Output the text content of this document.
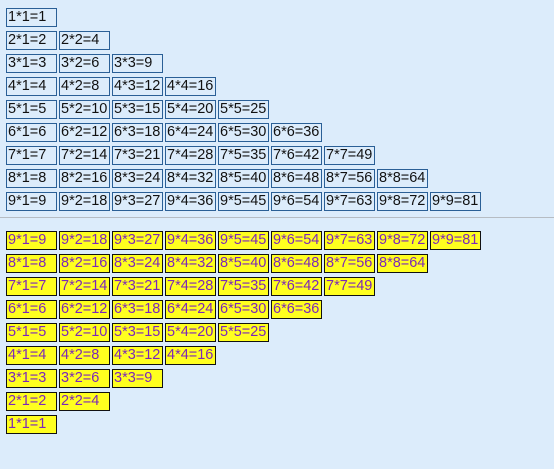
1*1=1
2*1=2	2*2=4
3*1=3	3*2=6	3*3=9
4*1=4	4*2=8	4*3=12 4*4=16
5*1=5	5*2=10 5*3=15 5*4=20 5*5=25
6*1=6	6*2=12 6*3=18 6*4=24 6*5=30 6*6=36
7*1=7	7*2=14 7*3=21 7*4=28 7*5=35 7*6=42 7*7=49
8*1=8	8*2=16 8*3=24 8*4=32 8*5=40 8*6=48 8*7=56 8*8=64
9*1=9	9*2=18 9*3=27 9*4=36 9*5=45 9*6=54 9*7=63 9*8=72 9*9=81
9*1=9	9*2=18 9*3=27 9*4=36 9*5=45 9*6=54 9*7=63 9*8=72 9*9=81
8*1=8	8*2=16 8*3=24 8*4=32 8*5=40 8*6=48 8*7=56 8*8=64
7*1=7	7*2=14 7*3=21 7*4=28 7*5=35 7*6=42 7*7=49
6*1=6	6*2=12 6*3=18 6*4=24 6*5=30 6*6=36
5*1=5	5*2=10 5*3=15 5*4=20 5*5=25
4*1=4	4*2=8	4*3=12 4*4=16
3*1=3	3*2=6	3*3=9
2*1=2	2*2=4
1*1=1
